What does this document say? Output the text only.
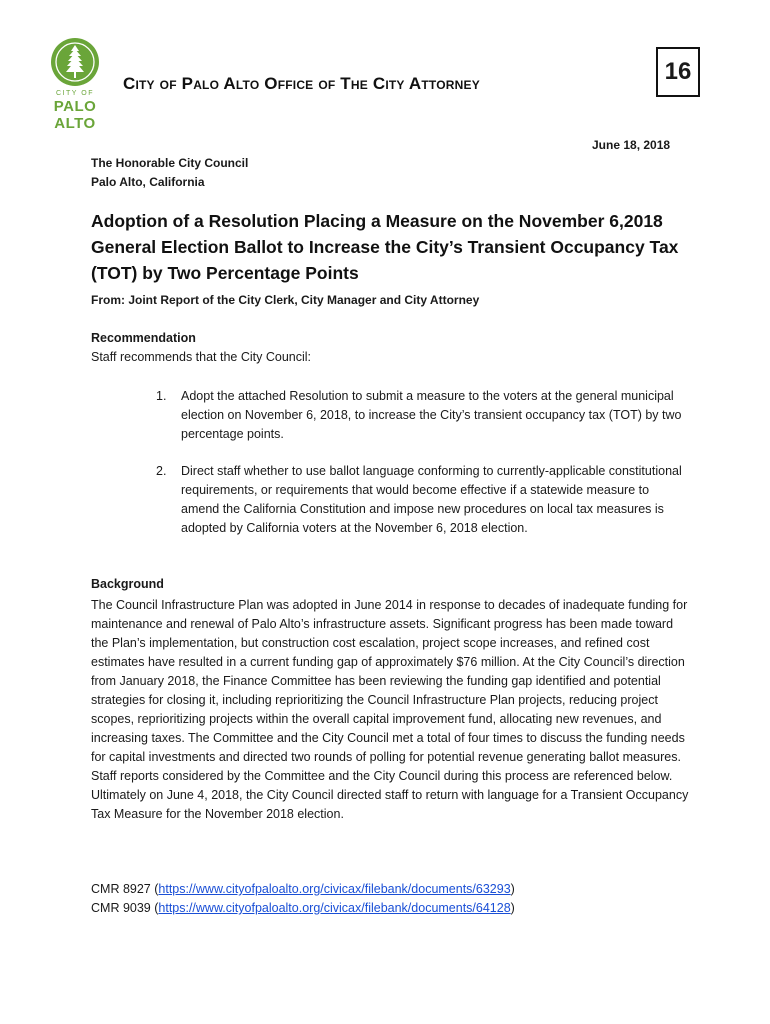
CITY OF
PALO
ALTO
City of Palo Alto Office of The City Attorney	16
June 18, 2018
The Honorable City Council
Palo Alto, California
Adoption of a Resolution Placing a Measure on the November 6,2018 General Election Ballot to Increase the City’s Transient Occupancy Tax (TOT) by Two Percentage Points
From: Joint Report of the City Clerk, City Manager and City Attorney
Recommendation
Staff recommends that the City Council:
1. Adopt the attached Resolution to submit a measure to the voters at the general municipal election on November 6, 2018, to increase the City’s transient occupancy tax (TOT) by two percentage points.
2. Direct staff whether to use ballot language conforming to currently-applicable constitutional requirements, or requirements that would become effective if a statewide measure to amend the California Constitution and impose new procedures on local tax measures is adopted by California voters at the November 6, 2018 election.
Background
The Council Infrastructure Plan was adopted in June 2014 in response to decades of inadequate funding for maintenance and renewal of Palo Alto’s infrastructure assets. Significant progress has been made toward the Plan’s implementation, but construction cost escalation, project scope increases, and refined cost estimates have resulted in a current funding gap of approximately $76 million. At the City Council’s direction from January 2018, the Finance Committee has been reviewing the funding gap identified and potential strategies for closing it, including reprioritizing the Council Infrastructure Plan projects, reducing project scopes, reprioritizing projects within the overall capital improvement fund, allocating new revenues, and increasing taxes. The Committee and the City Council met a total of four times to discuss the funding needs for capital investments and directed two rounds of polling for potential revenue generating ballot measures. Staff reports considered by the Committee and the City Council during this process are referenced below. Ultimately on June 4, 2018, the City Council directed staff to return with language for a Transient Occupancy Tax Measure for the November 2018 election.
CMR 8927 (https://www.cityofpaloalto.org/civicax/filebank/documents/63293)
CMR 9039 (https://www.cityofpaloalto.org/civicax/filebank/documents/64128)
